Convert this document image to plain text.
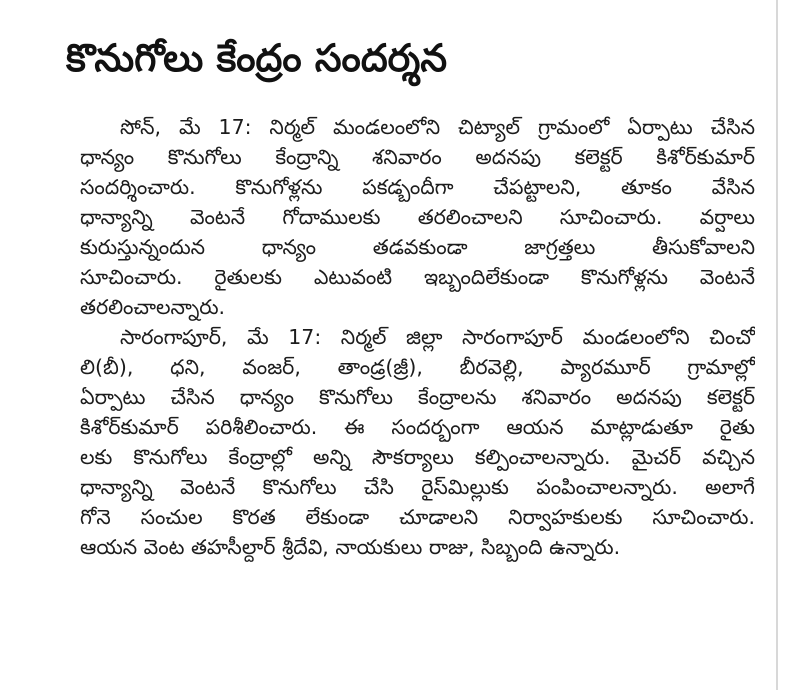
కొనుగోలు కేంద్రం సందర్శన
సోన్, మే 17: నిర్మల్ మండలంలోని చిట్యాల్ గ్రామంలో ఏర్పాటు చేసిన
ధాన్యం కొనుగోలు కేంద్రాన్ని శనివారం అదనపు కలెక్టర్ కిశోర్‌కుమార్
సందర్శించారు. కొనుగోళ్లను పకడ్బందీగా చేపట్టాలని, తూకం వేసిన
ధాన్యాన్ని వెంటనే గోదాములకు తరలించాలని సూచించారు. వర్షాలు
కురుస్తున్నందున ధాన్యం తడవకుండా జాగ్రత్తలు తీసుకోవాలని
సూచించారు. రైతులకు ఎటువంటి ఇబ్బందిలేకుండా కొనుగోళ్లను వెంటనే
తరలించాలన్నారు.
సారంగాపూర్, మే 17: నిర్మల్ జిల్లా సారంగాపూర్ మండలంలోని చించో
లి(బీ), ధని, వంజర్, తాండ్ర(జ్రీ), బీరవెల్లి, ప్యారమూర్ గ్రామాల్లో
ఏర్పాటు చేసిన ధాన్యం కొనుగోలు కేంద్రాలను శనివారం అదనపు కలెక్టర్
కిశోర్‌కుమార్ పరిశీలించారు. ఈ సందర్భంగా ఆయన మాట్లాడుతూ రైతు
లకు కొనుగోలు కేంద్రాల్లో అన్ని సౌకర్యాలు కల్పించాలన్నారు. మైచర్ వచ్చిన
ధాన్యాన్ని వెంటనే కొనుగోలు చేసి రైస్‌మిల్లుకు పంపించాలన్నారు. అలాగే
గోనె సంచుల కొరత లేకుండా చూడాలని నిర్వాహకులకు సూచించారు.
ఆయన వెంట తహసీల్దార్ శ్రీదేవి, నాయకులు రాజు, సిబ్బంది ఉన్నారు.
